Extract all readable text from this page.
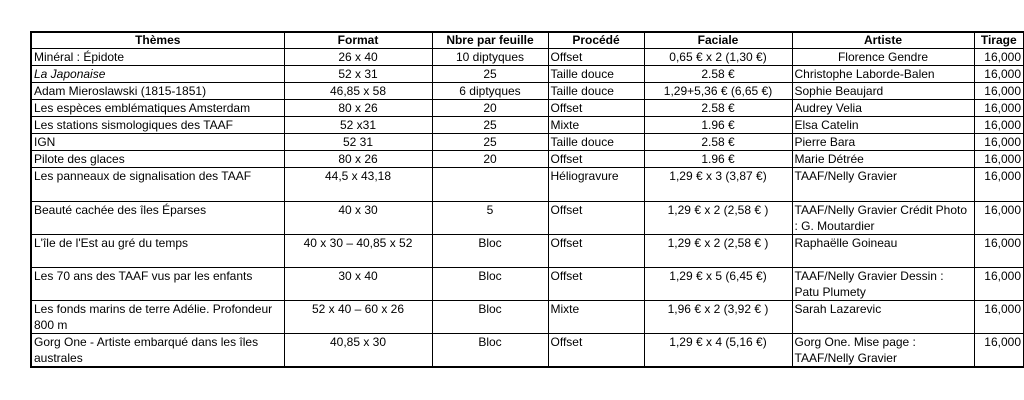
Thèmes	Format	Nbre par feuille	Procédé	Faciale	Artiste	Tirage
Minéral : Épidote	26 x 40	10 diptyques	Offset	0,65 € x 2 (1,30 €)	Florence Gendre	16,000
La Japonaise	52 x 31	25	Taille douce	2.58 €	Christophe Laborde-Balen	16,000
Adam Mieroslawski (1815-1851)	46,85 x 58	6 diptyques	Taille douce	1,29+5,36 € (6,65 €)	Sophie Beaujard	16,000
Les espèces emblématiques Amsterdam	80 x 26	20	Offset	2.58 €	Audrey Velia	16,000
Les stations sismologiques des TAAF	52 x31	25	Mixte	1.96 €	Elsa Catelin	16,000
IGN	52 31	25	Taille douce	2.58 €	Pierre Bara	16,000
Pilote des glaces	80 x 26	20	Offset	1.96 €	Marie Détrée	16,000
Les panneaux de signalisation des TAAF	44,5 x 43,18		Héliogravure	1,29 € x 3 (3,87 €)	TAAF/Nelly Gravier	16,000
Beauté cachée des îles Éparses	40 x 30	5	Offset	1,29 € x 2 (2,58 € )	TAAF/Nelly Gravier Crédit Photo : G. Moutardier	16,000
L'île de l'Est au gré du temps	40 x 30 – 40,85 x 52	Bloc	Offset	1,29 € x 2 (2,58 € )	Raphaëlle Goineau	16,000
Les 70 ans des TAAF vus par les enfants	30 x 40	Bloc	Offset	1,29 € x 5 (6,45 €)	TAAF/Nelly Gravier Dessin : Patu Plumety	16,000
Les fonds marins de terre Adélie. Profondeur 800 m	52 x 40 – 60 x 26	Bloc	Mixte	1,96 € x 2 (3,92 € )	Sarah Lazarevic	16,000
Gorg One - Artiste embarqué dans les îles australes	40,85 x 30	Bloc	Offset	1,29 € x 4 (5,16 €)	Gorg One. Mise page : TAAF/Nelly Gravier	16,000
